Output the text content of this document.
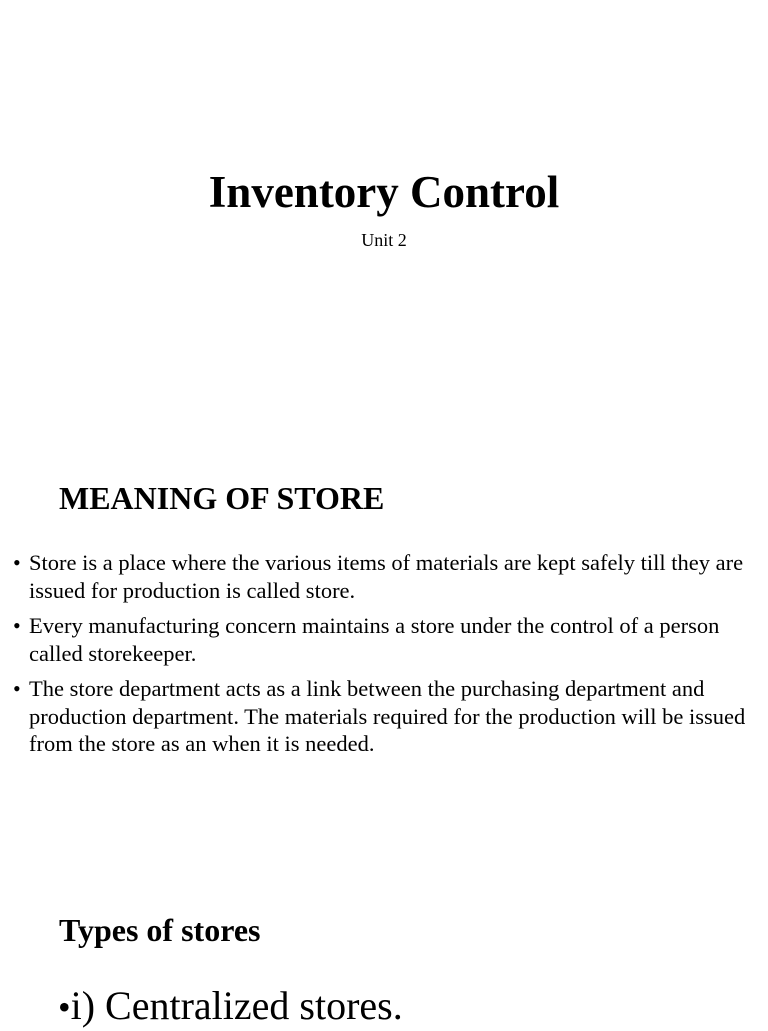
Inventory Control
Unit 2
MEANING OF STORE
• Store is a place where the various items of materials are kept safely till they are issued for production is called store.
• Every manufacturing concern maintains a store under the control of a person called storekeeper.
• The store department acts as a link between the purchasing department and production department. The materials required for the production will be issued from the store as an when it is needed.
Types of stores
•i) Centralized stores.
